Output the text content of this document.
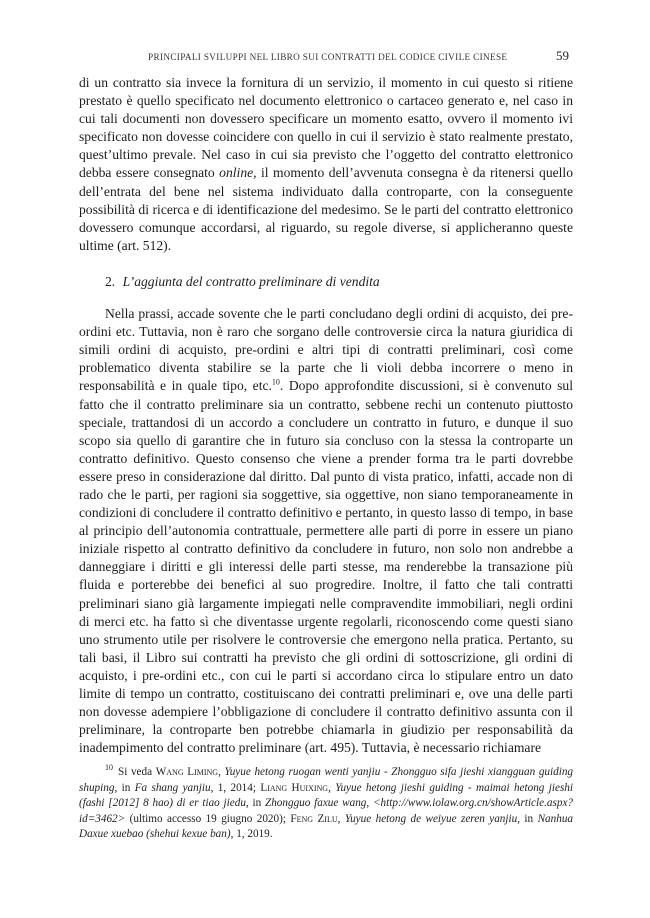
PRINCIPALI SVILUPPI NEL LIBRO SUI CONTRATTI DEL CODICE CIVILE CINESE	59

di un contratto sia invece la fornitura di un servizio, il momento in cui questo si ritiene prestato è quello specificato nel documento elettronico o cartaceo generato e, nel caso in cui tali documenti non dovessero specificare un momento esatto, ovvero il momento ivi specificato non dovesse coincidere con quello in cui il servizio è stato realmente prestato, quest’ultimo prevale. Nel caso in cui sia previsto che l’oggetto del contratto elettronico debba essere consegnato online, il momento dell’avvenuta consegna è da ritenersi quello dell’entrata del bene nel sistema individuato dalla controparte, con la conseguente possibilità di ricerca e di identificazione del medesimo. Se le parti del contratto elettronico dovessero comunque accordarsi, al riguardo, su regole diverse, si applicheranno queste ultime (art. 512).

2. L’aggiunta del contratto preliminare di vendita

Nella prassi, accade sovente che le parti concludano degli ordini di acquisto, dei pre-ordini etc. Tuttavia, non è raro che sorgano delle controversie circa la natura giuridica di simili ordini di acquisto, pre-ordini e altri tipi di contratti preliminari, così come problematico diventa stabilire se la parte che li violi debba incorrere o meno in responsabilità e in quale tipo, etc.$^{10}$. Dopo approfondite discussioni, si è convenuto sul fatto che il contratto preliminare sia un contratto, sebbene rechi un contenuto piuttosto speciale, trattandosi di un accordo a concludere un contratto in futuro, e dunque il suo scopo sia quello di garantire che in futuro sia concluso con la stessa la controparte un contratto definitivo. Questo consenso che viene a prender forma tra le parti dovrebbe essere preso in considerazione dal diritto. Dal punto di vista pratico, infatti, accade non di rado che le parti, per ragioni sia soggettive, sia oggettive, non siano temporaneamente in condizioni di concludere il contratto definitivo e pertanto, in questo lasso di tempo, in base al principio dell’autonomia contrattuale, permettere alle parti di porre in essere un piano iniziale rispetto al contratto definitivo da concludere in futuro, non solo non andrebbe a danneggiare i diritti e gli interessi delle parti stesse, ma renderebbe la transazione più fluida e porterebbe dei benefici al suo progredire. Inoltre, il fatto che tali contratti preliminari siano già largamente impiegati nelle compravendite immobiliari, negli ordini di merci etc. ha fatto sì che diventasse urgente regolarli, riconoscendo come questi siano uno strumento utile per risolvere le controversie che emergono nella pratica. Pertanto, su tali basi, il Libro sui contratti ha previsto che gli ordini di sottoscrizione, gli ordini di acquisto, i pre-ordini etc., con cui le parti si accordano circa lo stipulare entro un dato limite di tempo un contratto, costituiscano dei contratti preliminari e, ove una delle parti non dovesse adempiere l’obbligazione di concludere il contratto definitivo assunta con il preliminare, la controparte ben potrebbe chiamarla in giudizio per responsabilità da inadempimento del contratto preliminare (art. 495). Tuttavia, è necessario richiamare

$^{10}$ Si veda Wang Liming, Yuyue hetong ruogan wenti yanjiu - Zhongguo sifa jieshi xiangguan guiding shuping, in Fa shang yanjiu, 1, 2014; Liang Huixing, Yuyue hetong jieshi guiding - maimai hetong jieshi (fashi [2012] 8 hao) di er tiao jiedu, in Zhongguo faxue wang, <http://www.iolaw.org.cn/showArticle.aspx?id=3462> (ultimo accesso 19 giugno 2020); Feng Zilu, Yuyue hetong de weiyue zeren yanjiu, in Nanhua Daxue xuebao (shehui kexue ban), 1, 2019.
